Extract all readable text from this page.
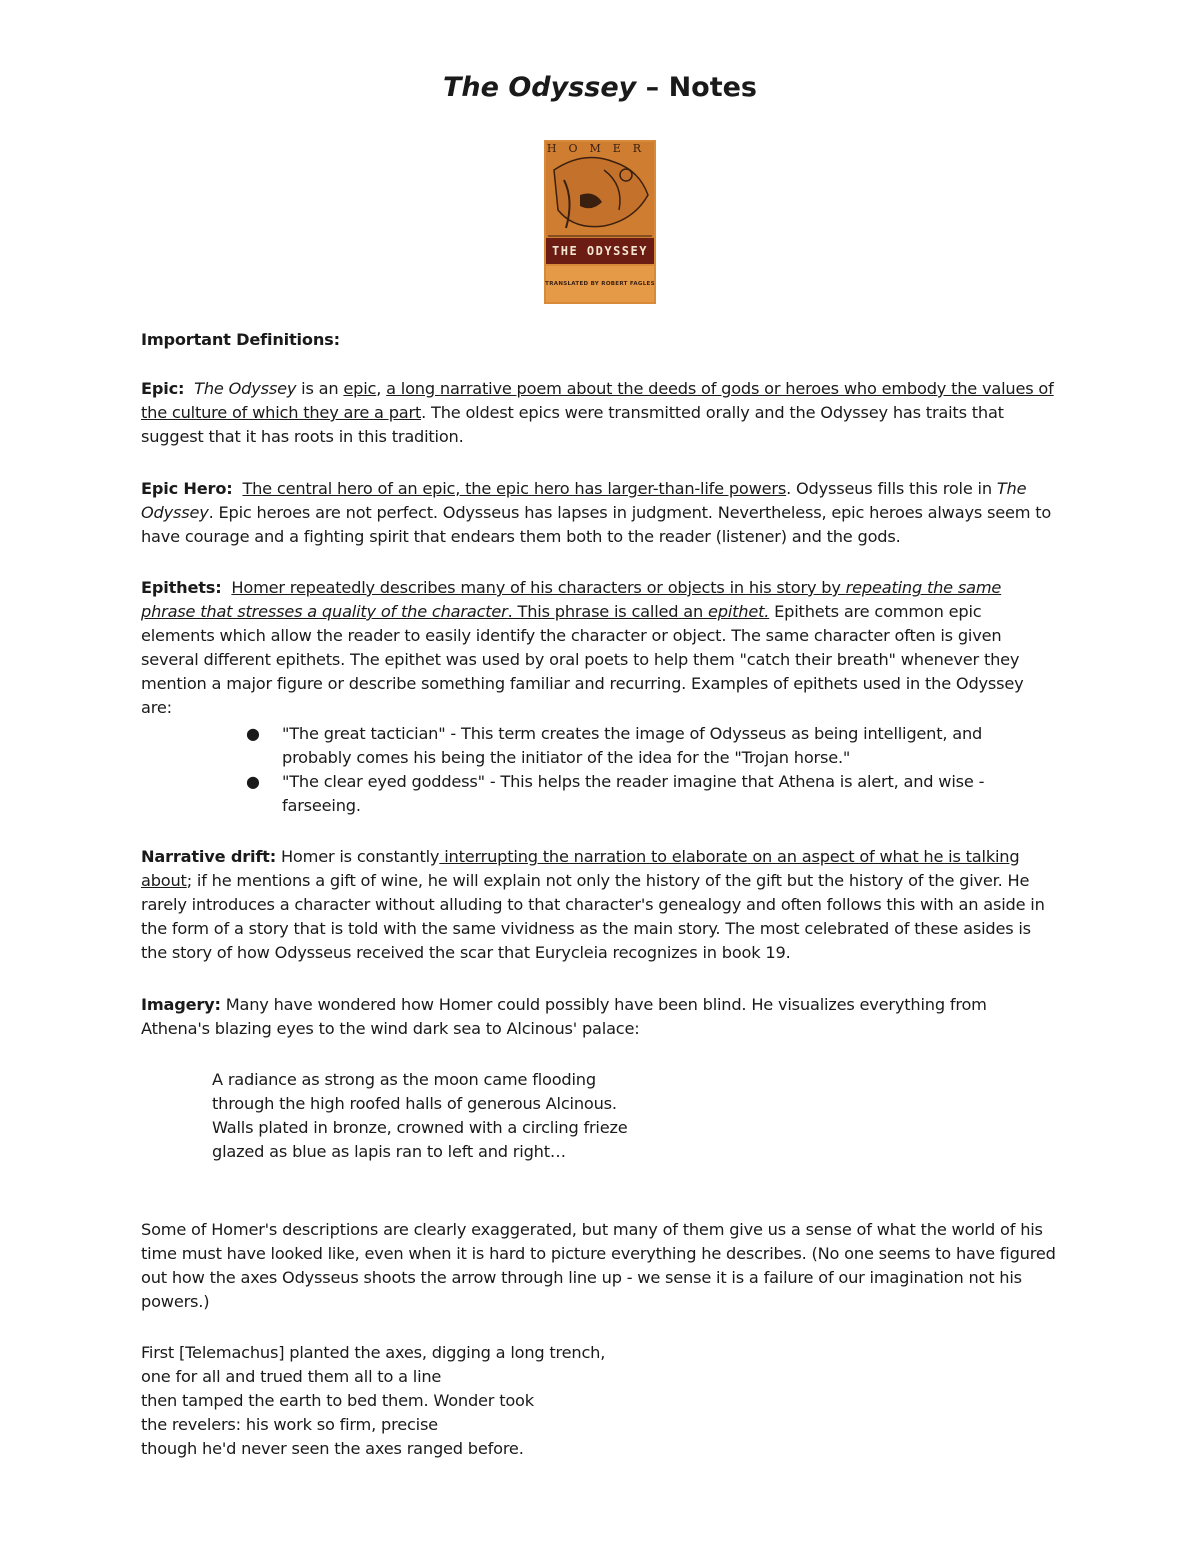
The Odyssey – Notes
HOMER
THE ODYSSEY
TRANSLATED BY ROBERT FAGLES

Important Definitions:

Epic: The Odyssey is an epic, a long narrative poem about the deeds of gods or heroes who embody the values of the culture of which they are a part. The oldest epics were transmitted orally and the Odyssey has traits that suggest that it has roots in this tradition.

Epic Hero: The central hero of an epic, the epic hero has larger-than-life powers. Odysseus fills this role in The Odyssey. Epic heroes are not perfect. Odysseus has lapses in judgment. Nevertheless, epic heroes always seem to have courage and a fighting spirit that endears them both to the reader (listener) and the gods.

Epithets: Homer repeatedly describes many of his characters or objects in his story by repeating the same phrase that stresses a quality of the character. This phrase is called an epithet. Epithets are common epic elements which allow the reader to easily identify the character or object. The same character often is given several different epithets. The epithet was used by oral poets to help them "catch their breath" whenever they mention a major figure or describe something familiar and recurring. Examples of epithets used in the Odyssey are:

● "The great tactician" - This term creates the image of Odysseus as being intelligent, and probably comes his being the initiator of the idea for the "Trojan horse."
● "The clear eyed goddess" - This helps the reader imagine that Athena is alert, and wise - farseeing.

Narrative drift: Homer is constantly interrupting the narration to elaborate on an aspect of what he is talking about; if he mentions a gift of wine, he will explain not only the history of the gift but the history of the giver. He rarely introduces a character without alluding to that character's genealogy and often follows this with an aside in the form of a story that is told with the same vividness as the main story. The most celebrated of these asides is the story of how Odysseus received the scar that Eurycleia recognizes in book 19.

Imagery: Many have wondered how Homer could possibly have been blind. He visualizes everything from Athena's blazing eyes to the wind dark sea to Alcinous' palace:

A radiance as strong as the moon came flooding

through the high roofed halls of generous Alcinous.

Walls plated in bronze, crowned with a circling frieze

glazed as blue as lapis ran to left and right…

Some of Homer's descriptions are clearly exaggerated, but many of them give us a sense of what the world of his time must have looked like, even when it is hard to picture everything he describes. (No one seems to have figured out how the axes Odysseus shoots the arrow through line up - we sense it is a failure of our imagination not his powers.)

First [Telemachus] planted the axes, digging a long trench,

one for all and trued them all to a line

then tamped the earth to bed them. Wonder took

the revelers: his work so firm, precise

though he'd never seen the axes ranged before.
